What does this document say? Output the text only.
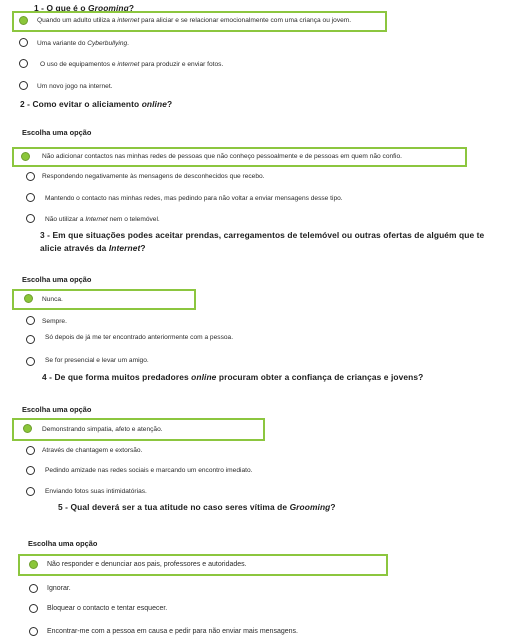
1 - O que é o Grooming?
Quando um adulto utiliza a internet para aliciar e se relacionar emocionalmente com uma criança ou jovem.
Uma variante do Cyberbullying.
O uso de equipamentos e internet para produzir e enviar fotos.
Um novo jogo na internet.
2 - Como evitar o aliciamento online?
Escolha uma opção
Não adicionar contactos nas minhas redes de pessoas que não conheço pessoalmente e de pessoas em quem não confio.
Respondendo negativamente às mensagens de desconhecidos que recebo.
Mantendo o contacto nas minhas redes, mas pedindo para não voltar a enviar mensagens desse tipo.
Não utilizar a Internet nem o telemóvel.
3 - Em que situações podes aceitar prendas, carregamentos de telemóvel ou outras ofertas de alguém que te alicie através da Internet?
Escolha uma opção
Nunca.
Sempre.
Só depois de já me ter encontrado anteriormente com a pessoa.
Se for presencial e levar um amigo.
4 - De que forma muitos predadores online procuram obter a confiança de crianças e jovens?
Escolha uma opção
Demonstrando simpatia, afeto e atenção.
Através de chantagem e extorsão.
Pedindo amizade nas redes sociais e marcando um encontro imediato.
Enviando fotos suas intimidatórias.
5 - Qual deverá ser a tua atitude no caso seres vítima de Grooming?
Escolha uma opção
Não responder e denunciar aos pais, professores e autoridades.
Ignorar.
Bloquear o contacto e tentar esquecer.
Encontrar-me com a pessoa em causa e pedir para não enviar mais mensagens.
